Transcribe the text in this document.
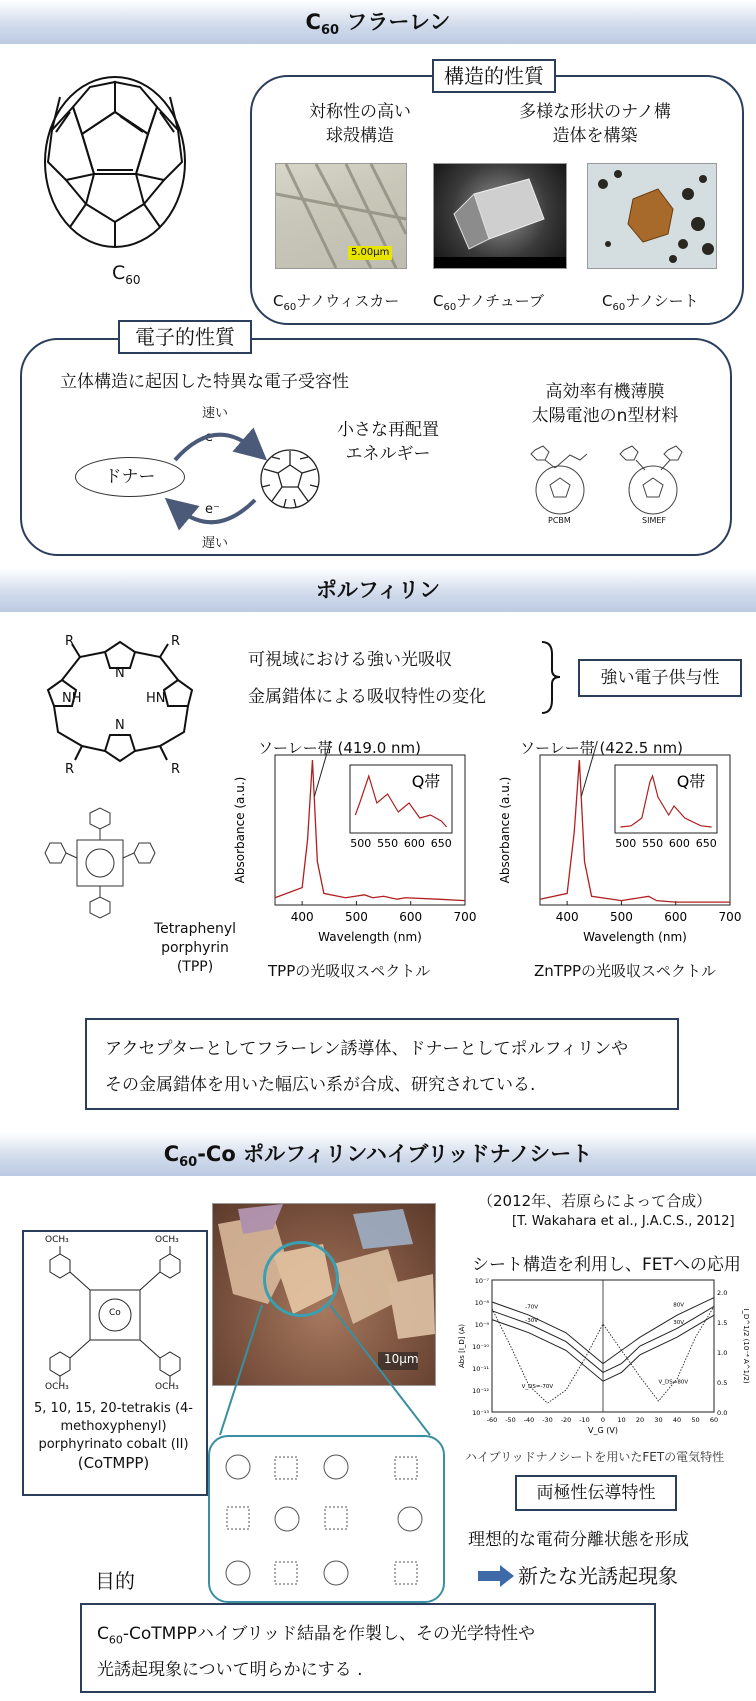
$C_{60}$ フラーレン
$C_{60}$
構造的性質
対称性の高い
球殻構造
多様な形状のナノ構
造体を構築
5.00μm
$C_{60}$ナノウィスカー $C_{60}$ナノチューブ	$C_{60}$ナノシート
電子的性質
立体構造に起因した特異な電子受容性
速い
遅い
e⁻
e⁻
ドナー
小さな再配置
エネルギー
高効率有機薄膜
太陽電池のn型材料
PCBM	SIMEF
ポルフィリン
R	R
R	R
N
N
NH	HN
Tetraphenyl
porphyrin
(TPP)
可視域における強い光吸収
金属錯体による吸収特性の変化
強い電子供与性
ソーレー帯 (419.0 nm)	ソーレー帯 (422.5 nm)
400	500	600	700
Wavelength (nm)
Absorbance (a.u.)	500 550 600 650
Q帯
400	500	600	700
Wavelength (nm)
Absorbance (a.u.)	500 550 600 650
Q帯
TPPの光吸収スペクトル	ZnTPPの光吸収スペクトル
アクセプターとしてフラーレン誘導体、ドナーとしてポルフィリンや
その金属錯体を用いた幅広い系が合成、研究されている.
$C_{60}-Co$ ポルフィリンハイブリッドナノシート
OCH₃	OCH₃
OCH₃	OCH₃
Co
5, 10, 15, 20-tetrakis (4-
methoxyphenyl)
porphyrinato cobalt (II)
(CoTMPP)
10μm
（2012年、若原らによって合成）
[T. Wakahara et al., J.A.C.S., 2012]
シート構造を利用し、FETへの応用
-60 -50 -40 -30 -20 -10 0 10 20 30 40 50 60
V_G (V)
10⁻⁷
10⁻⁸
10⁻⁹
10⁻¹⁰
10⁻¹¹
10⁻¹²
10⁻¹³
Abs [I_D] (A)
0.0
0.5
1.0
1.5
2.0
I_D^1/2 (10⁻⁴ A^1/2)
-70V
-30V
V_DS=-70V
80V
30V
V_DS=80V
ハイブリッドナノシートを用いたFETの電気特性
両極性伝導特性
理想的な電荷分離状態を形成
新たな光誘起現象
目的
$C_{60}$-CoTMPPハイブリッド結晶を作製し、その光学特性や
光誘起現象について明らかにする .
